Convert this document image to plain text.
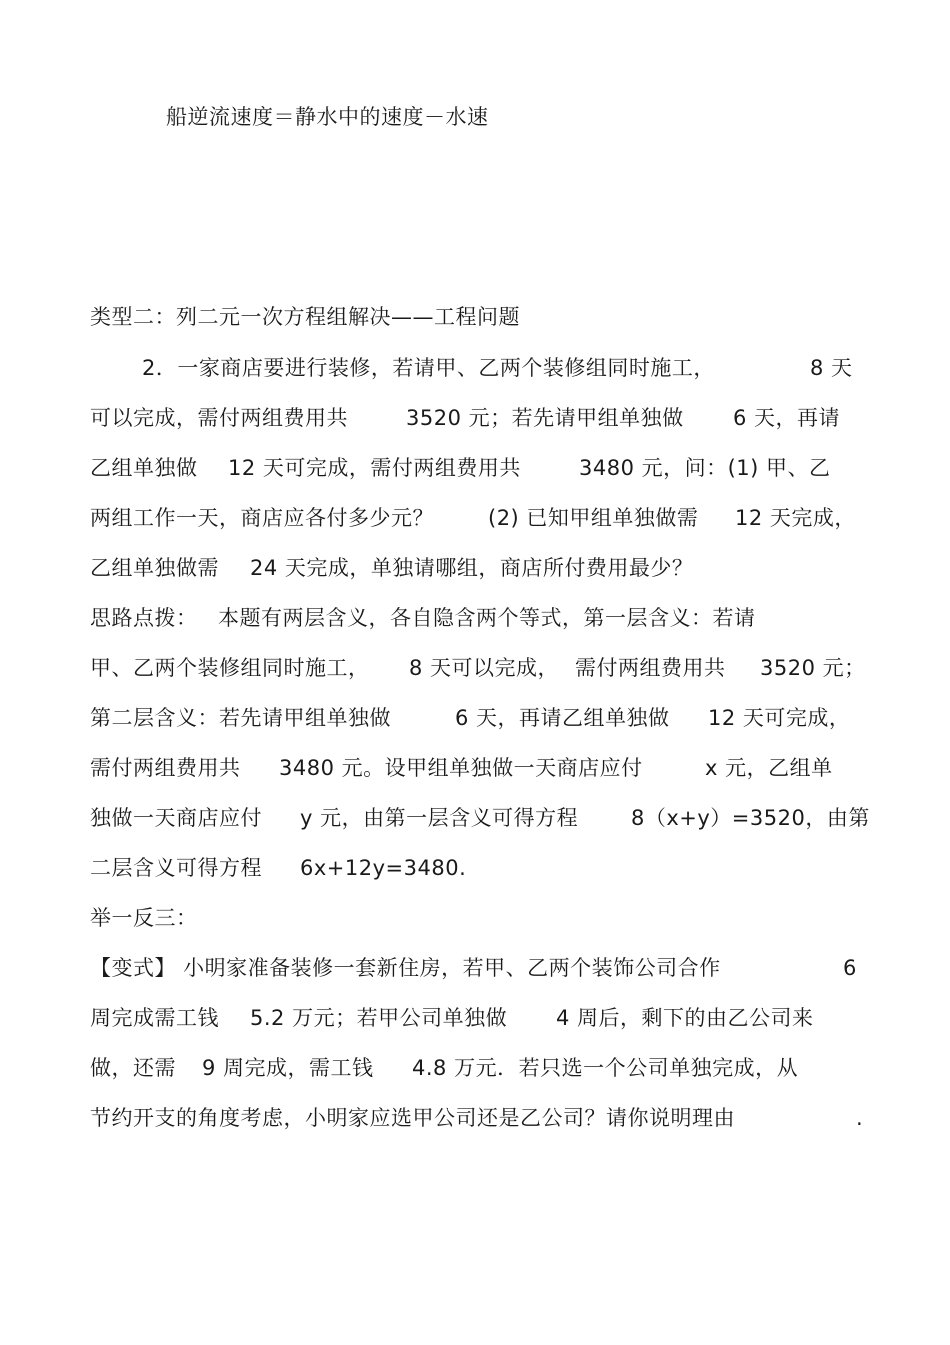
船逆流速度＝静水中的速度－水速
类型二：列二元一次方程组解决——工程问题
2．一家商店要进行装修，若请甲、乙两个装修组同时施工，	8 天
可以完成，需付两组费用共	3520 元；若先请甲组单独做 6 天，再请
乙组单独做 12 天可完成，需付两组费用共	3480 元，问：(1) 甲、乙
两组工作一天，商店应各付多少元？	(2) 已知甲组单独做需 12 天完成，
乙组单独做需 24 天完成，单独请哪组，商店所付费用最少？
思路点拨： 本题有两层含义，各自隐含两个等式，第一层含义：若请
甲、乙两个装修组同时施工， 8 天可以完成， 需付两组费用共 3520 元；
第二层含义：若先请甲组单独做	6 天，再请乙组单独做 12 天可完成，
需付两组费用共 3480 元。设甲组单独做一天商店应付	x 元，乙组单
独做一天商店应付 y 元，由第一层含义可得方程	8（x+y）=3520，由第
二层含义可得方程 6x+12y=3480.
举一反三：
【变式】 小明家准备装修一套新住房，若甲、乙两个装饰公司合作	6
周完成需工钱 5.2 万元；若甲公司单独做 4 周后，剩下的由乙公司来
做，还需 9 周完成，需工钱 4.8 万元．若只选一个公司单独完成，从
节约开支的角度考虑，小明家应选甲公司还是乙公司？请你说明理由	.
